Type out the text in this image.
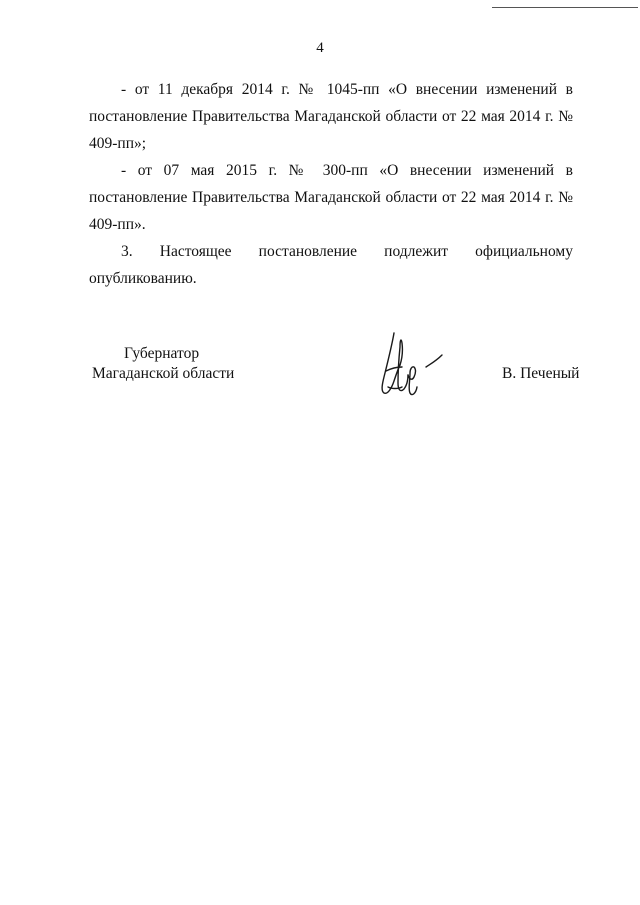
4

- от 11 декабря 2014 г. № 1045-пп «О внесении изменений в постановление Правительства Магаданской области от 22 мая 2014 г. № 409-пп»;

- от 07 мая 2015 г. № 300-пп «О внесении изменений в постановление Правительства Магаданской области от 22 мая 2014 г. № 409-пп».

3. Настоящее постановление подлежит официальному опубликованию.

Губернатор
Магаданской области	В. Печеный
